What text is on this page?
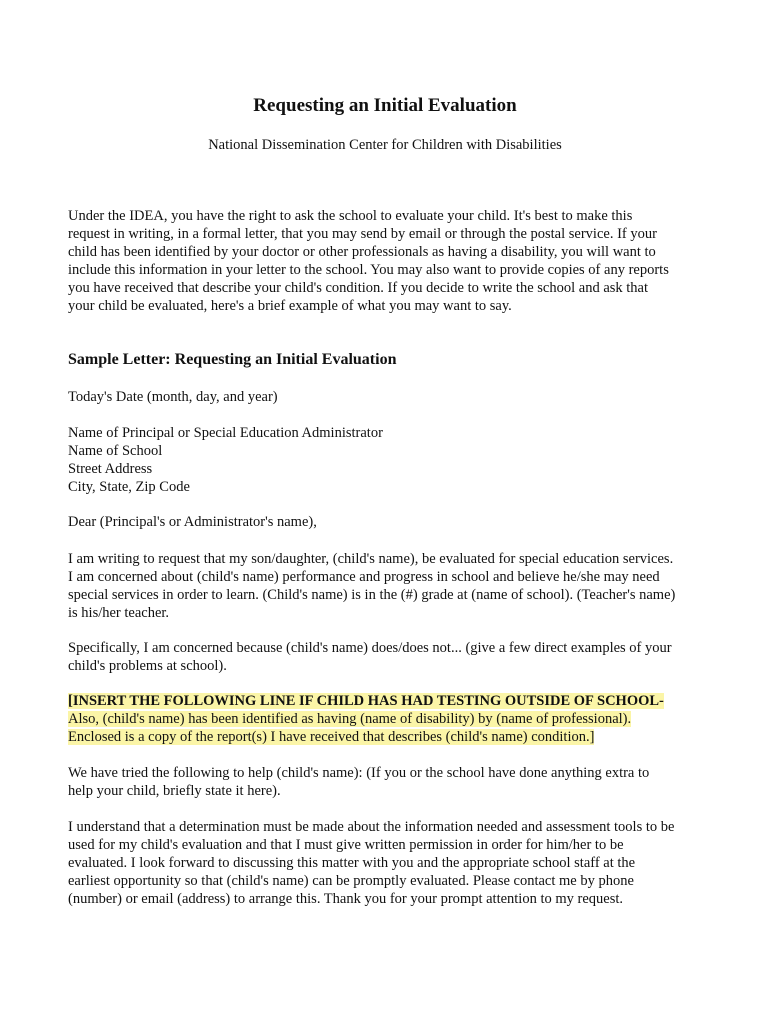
Requesting an Initial Evaluation

National Dissemination Center for Children with Disabilities

Under the IDEA, you have the right to ask the school to evaluate your child. It's best to make this
request in writing, in a formal letter, that you may send by email or through the postal service. If your
child has been identified by your doctor or other professionals as having a disability, you will want to
include this information in your letter to the school. You may also want to provide copies of any reports
you have received that describe your child's condition. If you decide to write the school and ask that
your child be evaluated, here's a brief example of what you may want to say.
Sample Letter: Requesting an Initial Evaluation
Today's Date (month, day, and year)
Name of Principal or Special Education Administrator
Name of School
Street Address
City, State, Zip Code
Dear (Principal's or Administrator's name),
I am writing to request that my son/daughter, (child's name), be evaluated for special education services.
I am concerned about (child's name) performance and progress in school and believe he/she may need
special services in order to learn. (Child's name) is in the (#) grade at (name of school). (Teacher's name)
is his/her teacher.
Specifically, I am concerned because (child's name) does/does not... (give a few direct examples of your
child's problems at school).
[INSERT THE FOLLOWING LINE IF CHILD HAS HAD TESTING OUTSIDE OF SCHOOL-
Also, (child's name) has been identified as having (name of disability) by (name of professional).
Enclosed is a copy of the report(s) I have received that describes (child's name) condition.]
We have tried the following to help (child's name): (If you or the school have done anything extra to
help your child, briefly state it here).
I understand that a determination must be made about the information needed and assessment tools to be
used for my child's evaluation and that I must give written permission in order for him/her to be
evaluated. I look forward to discussing this matter with you and the appropriate school staff at the
earliest opportunity so that (child's name) can be promptly evaluated. Please contact me by phone
(number) or email (address) to arrange this. Thank you for your prompt attention to my request.
